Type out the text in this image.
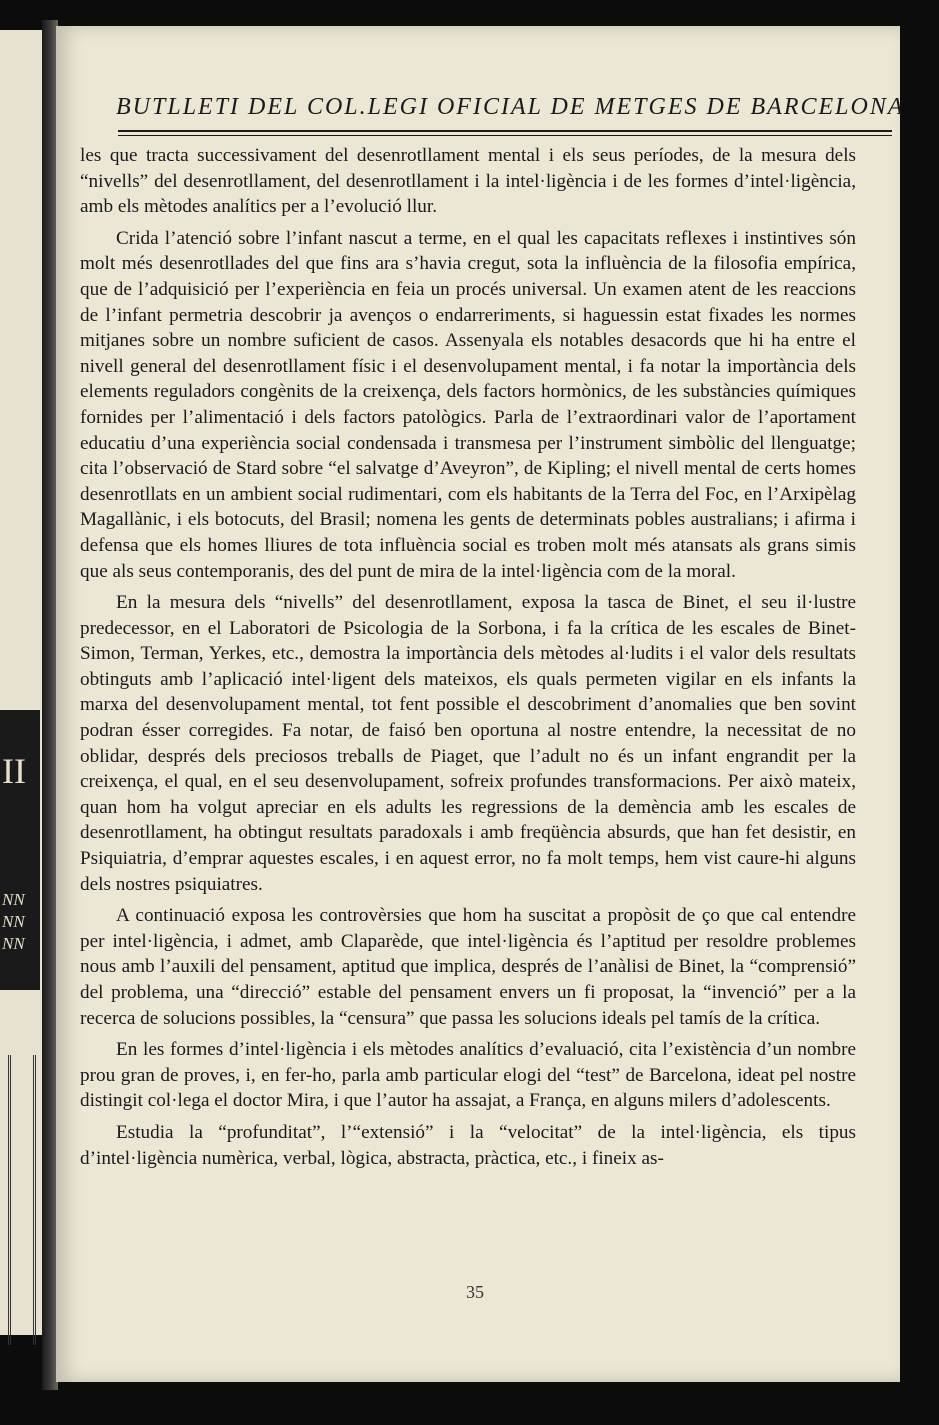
II
NN
NN
NN
BUTLLETI DEL COL.LEGI OFICIAL DE METGES DE BARCELONA

les que tracta successivament del desenrotllament mental i els seus períodes, de la mesura dels “nivells” del desenrotllament, del desenrotllament i la intel·ligència i de les formes d’intel·ligència, amb els mètodes analítics per a l’evolució llur.

Crida l’atenció sobre l’infant nascut a terme, en el qual les capacitats reflexes i instintives són molt més desenrotllades del que fins ara s’havia cregut, sota la influència de la filosofia empírica, que de l’adquisició per l’experiència en feia un procés universal. Un examen atent de les reaccions de l’infant permetria descobrir ja avenços o endarreriments, si haguessin estat fixades les normes mitjanes sobre un nombre suficient de casos. Assenyala els notables desacords que hi ha entre el nivell general del desenrotllament físic i el desenvolupament mental, i fa notar la importància dels elements reguladors congènits de la creixença, dels factors hormònics, de les substàncies químiques fornides per l’alimentació i dels factors patològics. Parla de l’extraordinari valor de l’aportament educatiu d’una experiència social condensada i transmesa per l’instrument simbòlic del llenguatge; cita l’observació de Stard sobre “el salvatge d’Aveyron”, de Kipling; el nivell mental de certs homes desenrotllats en un ambient social rudimentari, com els habitants de la Terra del Foc, en l’Arxipèlag Magallànic, i els botocuts, del Brasil; nomena les gents de determinats pobles australians; i afirma i defensa que els homes lliures de tota influència social es troben molt més atansats als grans simis que als seus contemporanis, des del punt de mira de la intel·ligència com de la moral.

En la mesura dels “nivells” del desenrotllament, exposa la tasca de Binet, el seu il·lustre predecessor, en el Laboratori de Psicologia de la Sorbona, i fa la crítica de les escales de Binet-Simon, Terman, Yerkes, etc., demostra la importància dels mètodes al·ludits i el valor dels resultats obtinguts amb l’aplicació intel·ligent dels mateixos, els quals permeten vigilar en els infants la marxa del desenvolupament mental, tot fent possible el descobriment d’anomalies que ben sovint podran ésser corregides. Fa notar, de faisó ben oportuna al nostre entendre, la necessitat de no oblidar, després dels preciosos treballs de Piaget, que l’adult no és un infant engrandit per la creixença, el qual, en el seu desenvolupament, sofreix profundes transformacions. Per això mateix, quan hom ha volgut apreciar en els adults les regressions de la demència amb les escales de desenrotllament, ha obtingut resultats paradoxals i amb freqüència absurds, que han fet desistir, en Psiquiatria, d’emprar aquestes escales, i en aquest error, no fa molt temps, hem vist caure-hi alguns dels nostres psiquiatres.

A continuació exposa les controvèrsies que hom ha suscitat a propòsit de ço que cal entendre per intel·ligència, i admet, amb Claparède, que intel·ligència és l’aptitud per resoldre problemes nous amb l’auxili del pensament, aptitud que implica, després de l’anàlisi de Binet, la “comprensió” del problema, una “direcció” estable del pensament envers un fi proposat, la “invenció” per a la recerca de solucions possibles, la “censura” que passa les solucions ideals pel tamís de la crítica.

En les formes d’intel·ligència i els mètodes analítics d’evaluació, cita l’existència d’un nombre prou gran de proves, i, en fer-ho, parla amb particular elogi del “test” de Barcelona, ideat pel nostre distingit col·lega el doctor Mira, i que l’autor ha assajat, a França, en alguns milers d’adolescents.

Estudia la “profunditat”, l’“extensió” i la “velocitat” de la intel·ligència, els tipus d’intel·ligència numèrica, verbal, lògica, abstracta, pràctica, etc., i fineix as-

35
